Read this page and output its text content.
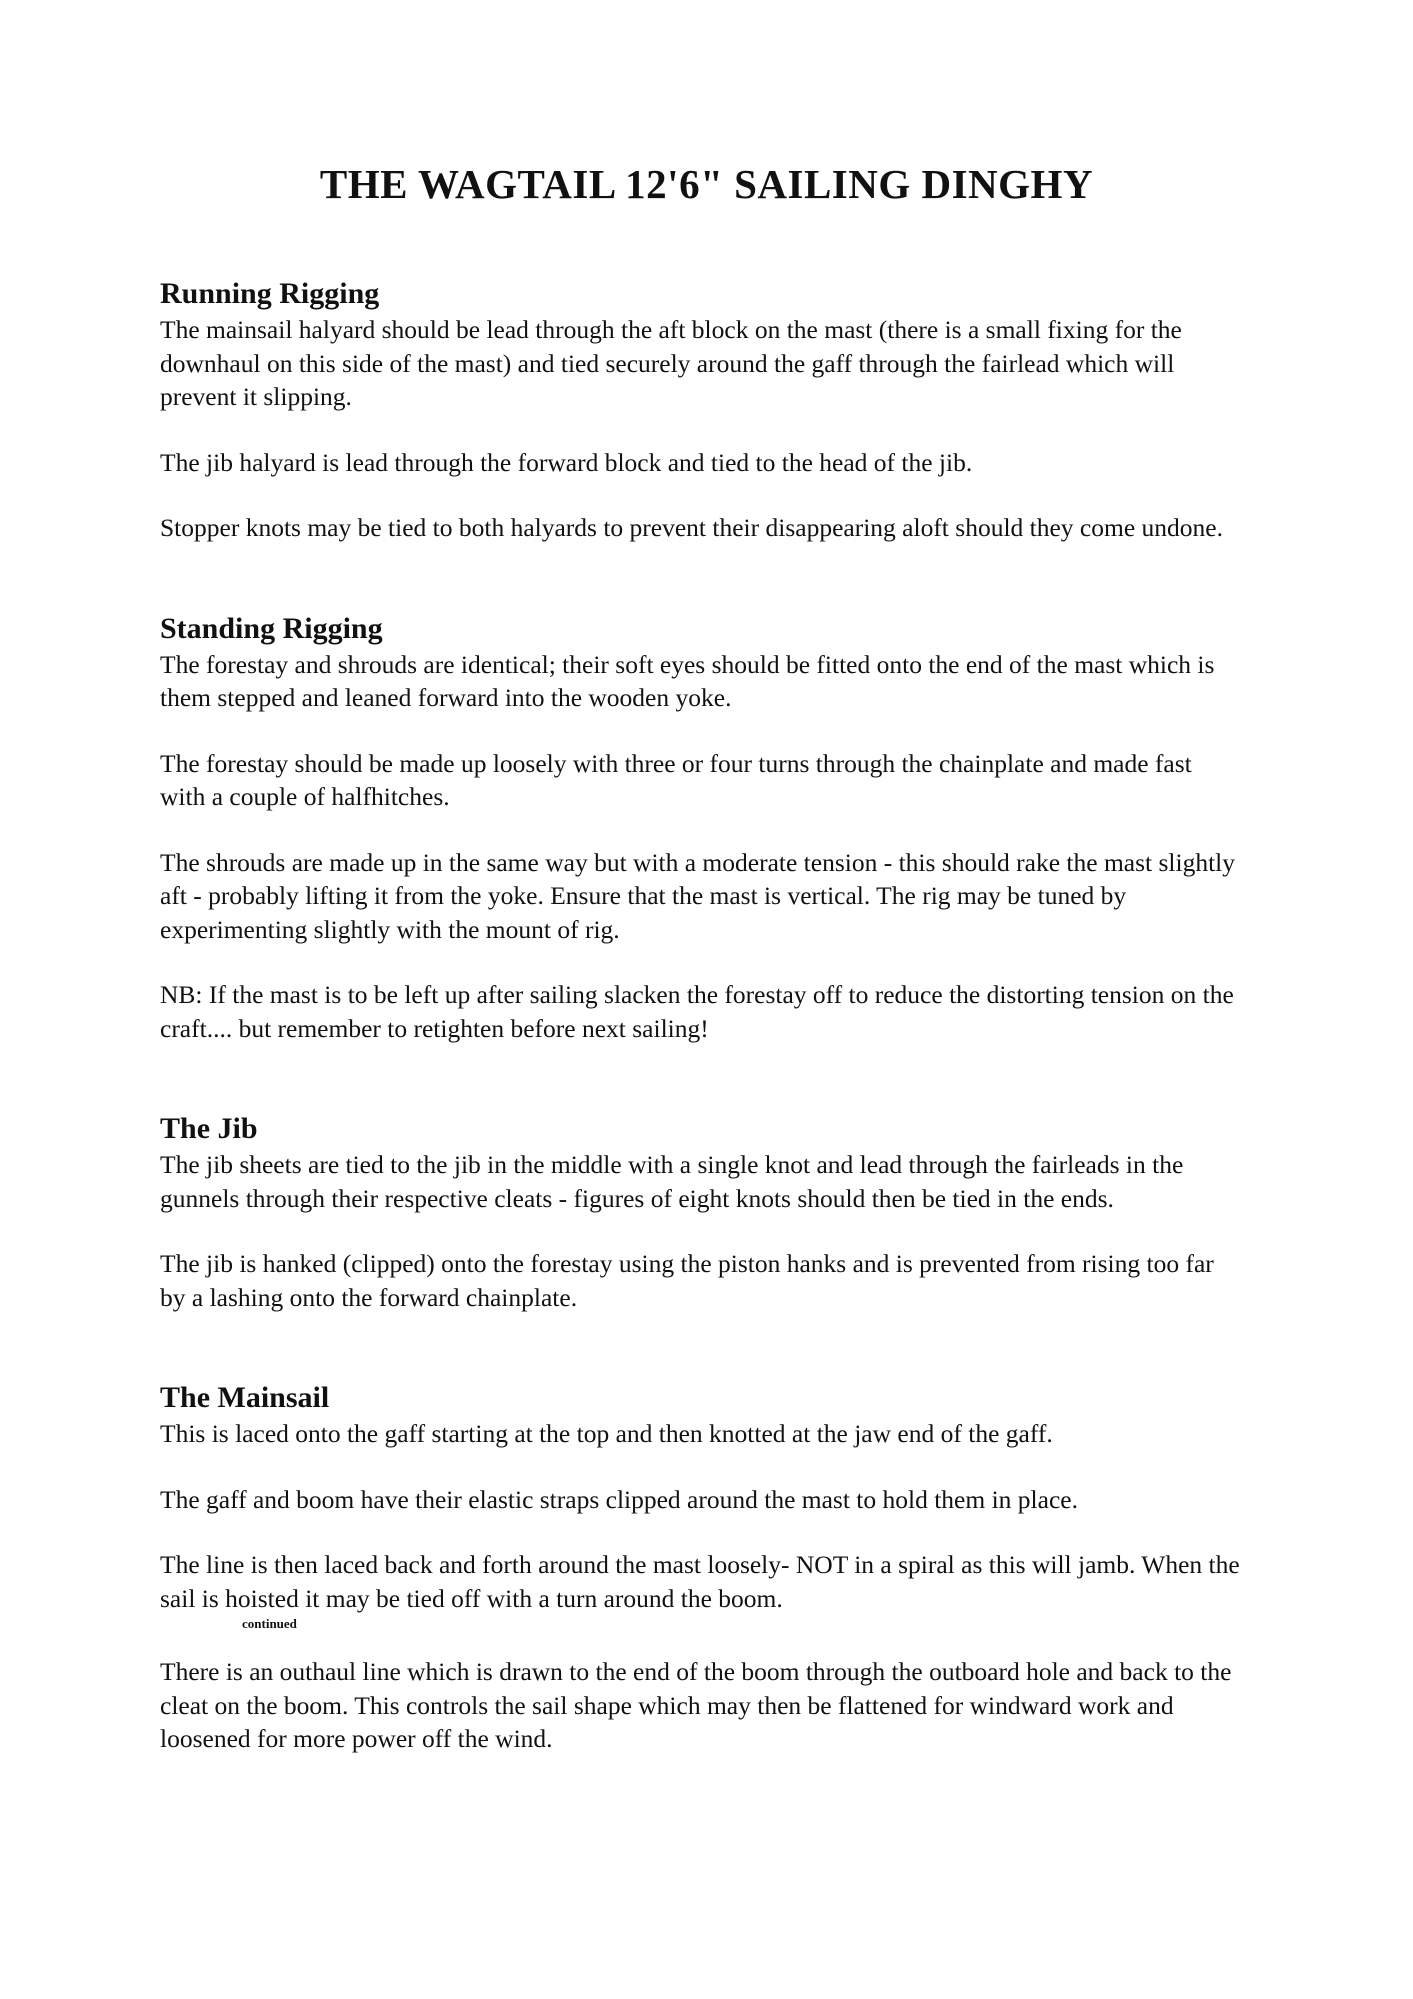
THE WAGTAIL 12'6" SAILING DINGHY
Running Rigging

The mainsail halyard should be lead through the aft block on the mast (there is a small fixing for the downhaul on this side of the mast) and tied securely around the gaff through the fairlead which will prevent it slipping.

The jib halyard is lead through the forward block and tied to the head of the jib.

Stopper knots may be tied to both halyards to prevent their disappearing aloft should they come undone.

Standing Rigging

The forestay and shrouds are identical; their soft eyes should be fitted onto the end of the mast which is them stepped and leaned forward into the wooden yoke.

The forestay should be made up loosely with three or four turns through the chainplate and made fast with a couple of halfhitches.

The shrouds are made up in the same way but with a moderate tension - this should rake the mast slightly aft - probably lifting it from the yoke. Ensure that the mast is vertical. The rig may be tuned by experimenting slightly with the mount of rig.

NB: If the mast is to be left up after sailing slacken the forestay off to reduce the distorting tension on the craft.... but remember to retighten before next sailing!

The Jib

The jib sheets are tied to the jib in the middle with a single knot and lead through the fairleads in the gunnels through their respective cleats - figures of eight knots should then be tied in the ends.

The jib is hanked (clipped) onto the forestay using the piston hanks and is prevented from rising too far by a lashing onto the forward chainplate.

The Mainsail

This is laced onto the gaff starting at the top and then knotted at the jaw end of the gaff.

The gaff and boom have their elastic straps clipped around the mast to hold them in place.

The line is then laced back and forth around the mast loosely- NOT in a spiral as this will jamb. When the sail is hoisted it may be tied off with a turn around the boom.

continued

There is an outhaul line which is drawn to the end of the boom through the outboard hole and back to the cleat on the boom. This controls the sail shape which may then be flattened for windward work and loosened for more power off the wind.
